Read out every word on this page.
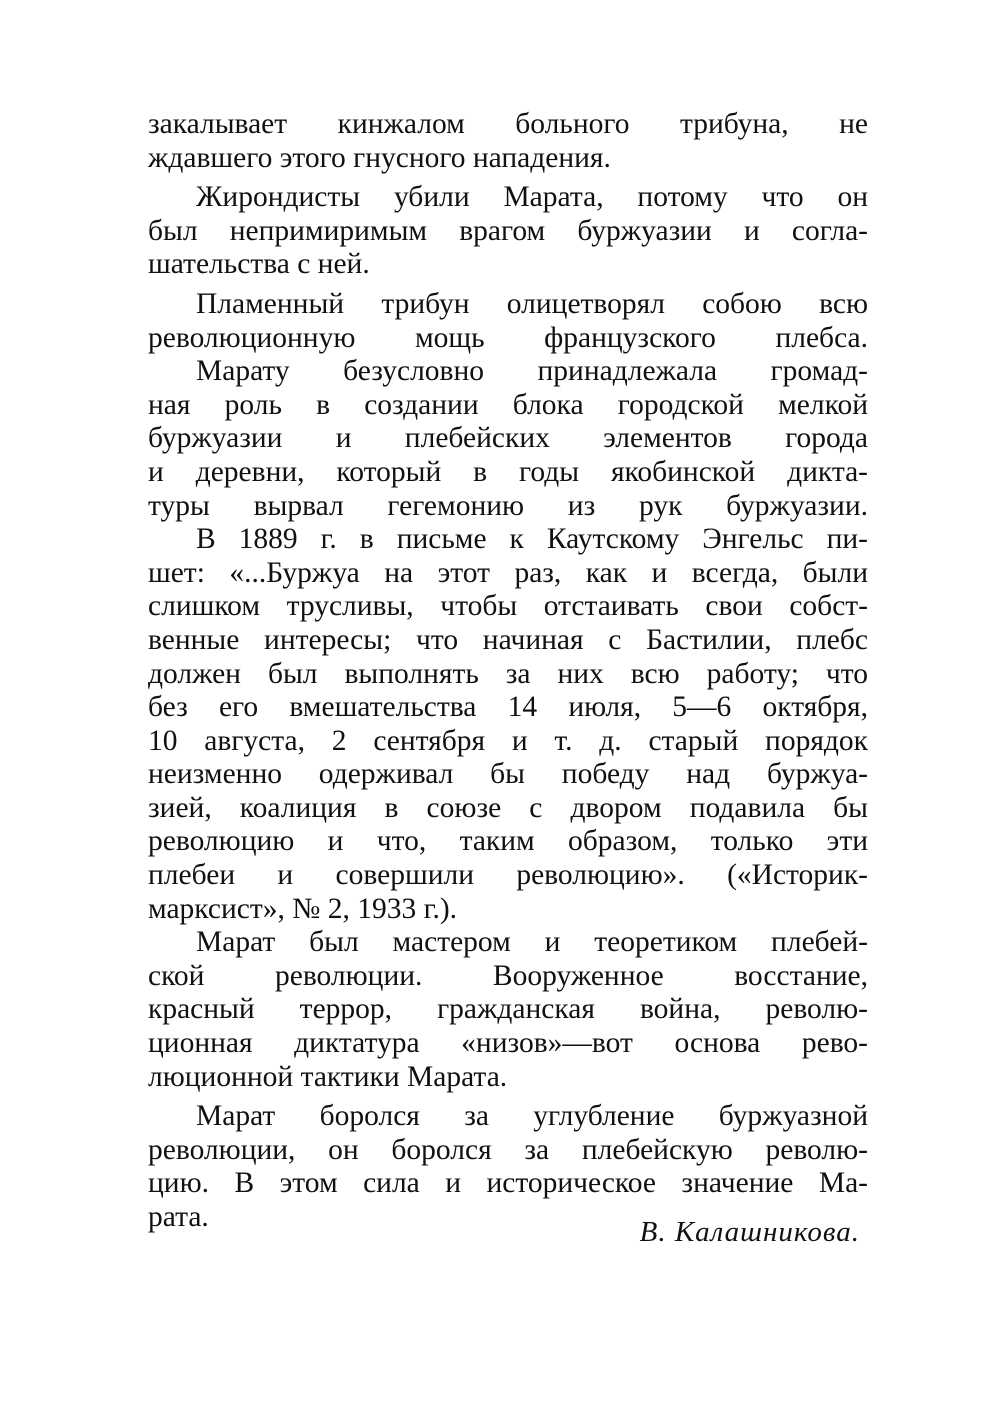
закалывает кинжалом больного трибуна, не
ждавшего этого гнусного нападения.

Жирондисты убили Марата, потому что он
был непримиримым врагом буржуазии и согла-
шательства с ней.

Пламенный трибун олицетворял собою всю
революционную мощь французского плебса.

Марату безусловно принадлежала громад-
ная роль в создании блока городской мелкой
буржуазии и плебейских элементов города
и деревни, который в годы якобинской дикта-
туры вырвал гегемонию из рук буржуазии.

В 1889 г. в письме к Каутскому Энгельс пи-
шет: «...Буржуа на этот раз, как и всегда, были
слишком трусливы, чтобы отстаивать свои собст-
венные интересы; что начиная с Бастилии, плебс
должен был выполнять за них всю работу; что
без его вмешательства 14 июля, 5—6 октября,
10 августа, 2 сентября и т. д. старый порядок
неизменно одерживал бы победу над буржуа-
зией, коалиция в союзе с двором подавила бы
революцию и что, таким образом, только эти
плебеи и совершили революцию». («Историк-
марксист», № 2, 1933 г.).

Марат был мастером и теоретиком плебей-
ской революции. Вооруженное восстание,
красный террор, гражданская война, револю-
ционная диктатура «низов»—вот основа рево-
люционной тактики Марата.

Марат боролся за углубление буржуазной
революции, он боролся за плебейскую револю-
цию. В этом сила и историческое значение Ма-
рата.	В. Калашникова.
